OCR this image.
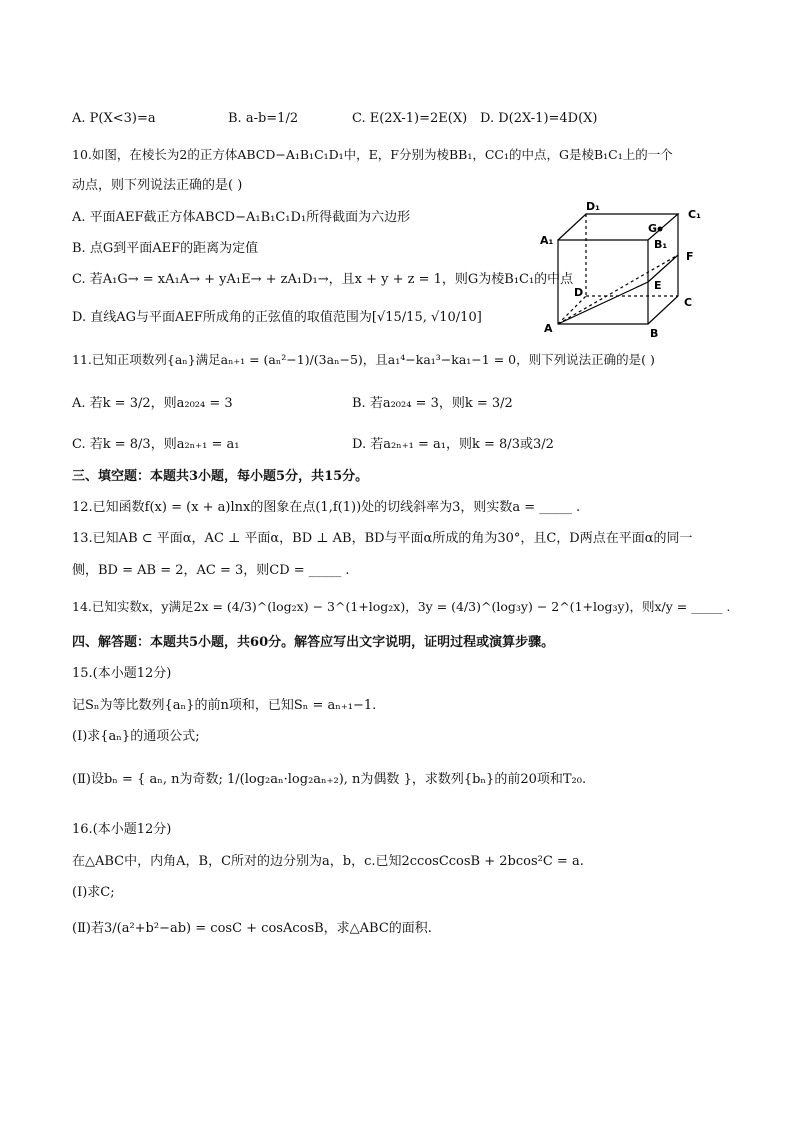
A. P(X<3)=a	B. a-b=1/2	C. E(2X-1)=2E(X) D. D(2X-1)=4D(X)
10.如图，在棱长为2的正方体ABCD−A₁B₁C₁D₁中，E，F分别为棱BB₁，CC₁的中点，G是棱B₁C₁上的一个
动点，则下列说法正确的是( )
A. 平面AEF截正方体ABCD−A₁B₁C₁D₁所得截面为六边形
B. 点G到平面AEF的距离为定值
C. 若A₁G→ = xA₁A→ + yA₁E→ + zA₁D₁→，且x + y + z = 1，则G为棱B₁C₁的中点
D. 直线AG与平面AEF所成角的正弦值的取值范围为[√15/15, √10/10]
D₁
C₁
A₁
G
B₁
F
D
E
C
A	B
11.已知正项数列{aₙ}满足aₙ₊₁ = (aₙ²−1)/(3aₙ−5)，且a₁⁴−ka₁³−ka₁−1 = 0，则下列说法正确的是( )
A. 若k = 3/2，则a₂₀₂₄ = 3	B. 若a₂₀₂₄ = 3，则k = 3/2
C. 若k = 8/3，则a₂ₙ₊₁ = a₁	D. 若a₂ₙ₊₁ = a₁，则k = 8/3或3/2
三、填空题：本题共3小题，每小题5分，共15分。
12.已知函数f(x) = (x + a)lnx的图象在点(1,f(1))处的切线斜率为3，则实数a = _____ .
13.已知AB ⊂ 平面α，AC ⊥ 平面α，BD ⊥ AB，BD与平面α所成的角为30°，且C，D两点在平面α的同一
侧，BD = AB = 2，AC = 3，则CD = _____ .
14.已知实数x，y满足2x = (4/3)^(log₂x) − 3^(1+log₂x)，3y = (4/3)^(log₃y) − 2^(1+log₃y)，则x/y = _____ .
四、解答题：本题共5小题，共60分。解答应写出文字说明，证明过程或演算步骤。
15.(本小题12分)
记Sₙ为等比数列{aₙ}的前n项和，已知Sₙ = aₙ₊₁−1.
(Ⅰ)求{aₙ}的通项公式;
(Ⅱ)设bₙ = { aₙ, n为奇数; 1/(log₂aₙ·log₂aₙ₊₂), n为偶数 }，求数列{bₙ}的前20项和T₂₀.
16.(本小题12分)
在△ABC中，内角A，B，C所对的边分别为a，b，c.已知2ccosCcosB + 2bcos²C = a.
(Ⅰ)求C;
(Ⅱ)若3/(a²+b²−ab) = cosC + cosAcosB，求△ABC的面积.
